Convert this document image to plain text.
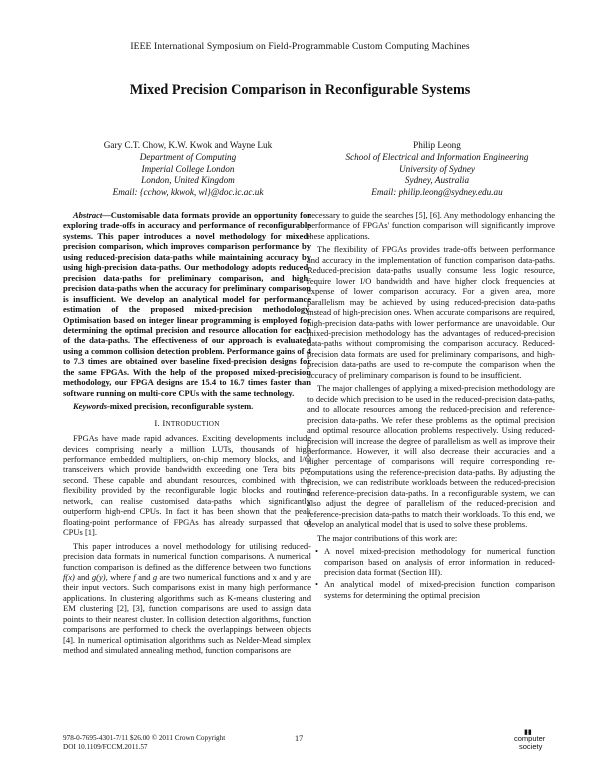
IEEE International Symposium on Field-Programmable Custom Computing Machines
Mixed Precision Comparison in Reconfigurable Systems
Gary C.T. Chow, K.W. Kwok and Wayne Luk
Department of Computing
Imperial College London
London, United Kingdom
Email: {cchow, kkwok, wl}@doc.ic.ac.uk
Philip Leong
School of Electrical and Information Engineering
University of Sydney
Sydney, Australia
Email: philip.leong@sydney.edu.au

Abstract—Customisable data formats provide an opportunity for exploring trade-offs in accuracy and performance of reconfigurable systems. This paper introduces a novel methodology for mixed-precision comparison, which improves comparison performance by using reduced-precision data-paths while maintaining accuracy by using high-precision data-paths. Our methodology adopts reduced-precision data-paths for preliminary comparison, and high-precision data-paths when the accuracy for preliminary comparison is insufficient. We develop an analytical model for performance estimation of the proposed mixed-precision methodology. Optimisation based on integer linear programming is employed for determining the optimal precision and resource allocation for each of the data-paths. The effectiveness of our approach is evaluated using a common collision detection problem. Performance gains of 4 to 7.3 times are obtained over baseline fixed-precision designs for the same FPGAs. With the help of the proposed mixed-precision methodology, our FPGA designs are 15.4 to 16.7 times faster than software running on multi-core CPUs with the same technology.

Keywords-mixed precision, reconfigurable system.

I. INTRODUCTION

FPGAs have made rapid advances. Exciting developments include devices comprising nearly a million LUTs, thousands of high performance embedded multipliers, on-chip memory blocks, and I/O transceivers which provide bandwidth exceeding one Tera bits per second. These capable and abundant resources, combined with the flexibility provided by the reconfigurable logic blocks and routing network, can realise customised data-paths which significantly outperform high-end CPUs. In fact it has been shown that the peak floating-point performance of FPGAs has already surpassed that of CPUs [1].

This paper introduces a novel methodology for utilising reduced-precision data formats in numerical function comparisons. A numerical function comparison is defined as the difference between two functions f(x) and g(y), where f and g are two numerical functions and x and y are their input vectors. Such comparisons exist in many high performance applications. In clustering algorithms such as K-means clustering and EM clustering [2], [3], function comparisons are used to assign data points to their nearest cluster. In collision detection algorithms, function comparisons are performed to check the overlappings between objects [4]. In numerical optimisation algorithms such as Nelder-Mead simplex method and simulated annealing method, function comparisons are

necessary to guide the searches [5], [6]. Any methodology enhancing the performance of FPGAs' function comparison will significantly improve these applications.

The flexibility of FPGAs provides trade-offs between performance and accuracy in the implementation of function comparison data-paths. Reduced-precision data-paths usually consume less logic resource, require lower I/O bandwidth and have higher clock frequencies at expense of lower comparison accuracy. For a given area, more parallelism may be achieved by using reduced-precision data-paths instead of high-precision ones. When accurate comparisons are required, high-precision data-paths with lower performance are unavoidable. Our mixed-precision methodology has the advantages of reduced-precision data-paths without compromising the comparison accuracy. Reduced-precision data formats are used for preliminary comparisons, and high-precision data-paths are used to re-compute the comparison when the accuracy of preliminary comparison is found to be insufficient.

The major challenges of applying a mixed-precision methodology are to decide which precision to be used in the reduced-precision data-paths, and to allocate resources among the reduced-precision and reference-precision data-paths. We refer these problems as the optimal precision and optimal resource allocation problems respectively. Using reduced-precision will increase the degree of parallelism as well as improve their performance. However, it will also decrease their accuracies and a higher percentage of comparisons will require corresponding re-computations using the reference-precision data-paths. By adjusting the precision, we can redistribute workloads between the reduced-precision and reference-precision data-paths. In a reconfigurable system, we can also adjust the degree of parallelism of the reduced-precision and reference-precision data-paths to match their workloads. To this end, we develop an analytical model that is used to solve these problems.

The major contributions of this work are:

• A novel mixed-precision methodology for numerical function comparison based on analysis of error information in reduced-precision data format (Section III).
• An analytical model of mixed-precision function comparison systems for determining the optimal precision
978-0-7695-4301-7/11 $26.00 © 2011 Crown Copyright
DOI 10.1109/FCCM.2011.57
17
▮▮
computer
society
